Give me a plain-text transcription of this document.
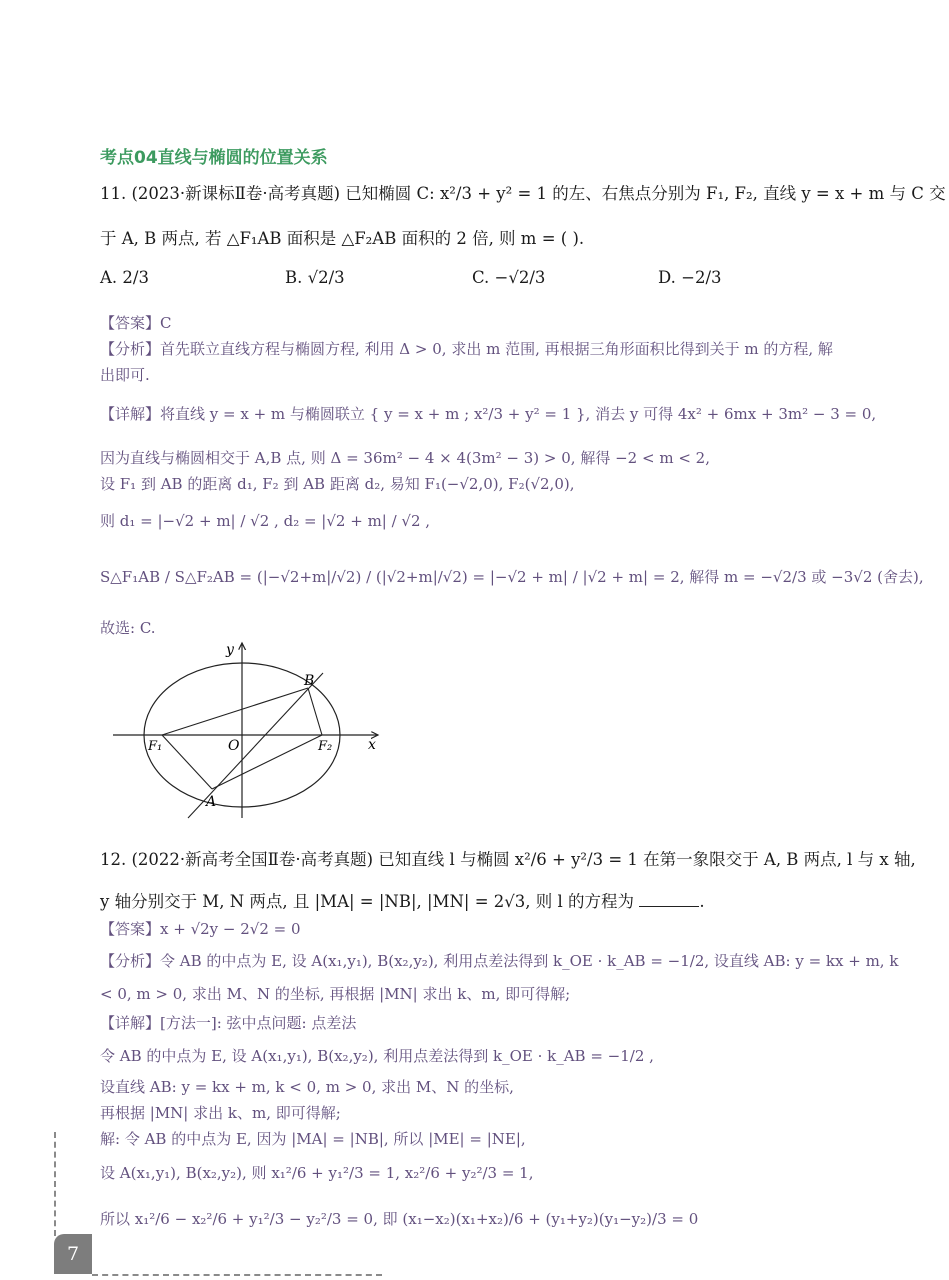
考点04直线与椭圆的位置关系
11. (2023·新课标Ⅱ卷·高考真题) 已知椭圆 C: x²/3 + y² = 1 的左、右焦点分别为 F₁, F₂, 直线 y = x + m 与 C 交
于 A, B 两点, 若 △F₁AB 面积是 △F₂AB 面积的 2 倍, 则 m = ( ).
A. 2/3	B. √2/3	C. −√2/3	D. −2/3
【答案】C
【分析】首先联立直线方程与椭圆方程, 利用 Δ > 0, 求出 m 范围, 再根据三角形面积比得到关于 m 的方程, 解
出即可.
【详解】将直线 y = x + m 与椭圆联立 { y = x + m ; x²/3 + y² = 1 }, 消去 y 可得 4x² + 6mx + 3m² − 3 = 0,
因为直线与椭圆相交于 A,B 点, 则 Δ = 36m² − 4 × 4(3m² − 3) > 0, 解得 −2 < m < 2,
设 F₁ 到 AB 的距离 d₁, F₂ 到 AB 距离 d₂, 易知 F₁(−√2,0), F₂(√2,0),
则 d₁ = |−√2 + m| / √2 , d₂ = |√2 + m| / √2 ,
S△F₁AB / S△F₂AB = (|−√2+m|/√2) / (|√2+m|/√2) = |−√2 + m| / |√2 + m| = 2, 解得 m = −√2/3 或 −3√2 (舍去),
故选: C.
y
B
F₁	O	F₂	x
A
12. (2022·新高考全国Ⅱ卷·高考真题) 已知直线 l 与椭圆 x²/6 + y²/3 = 1 在第一象限交于 A, B 两点, l 与 x 轴,
y 轴分别交于 M, N 两点, 且 |MA| = |NB|, |MN| = 2√3, 则 l 的方程为	.
【答案】x + √2y − 2√2 = 0
【分析】令 AB 的中点为 E, 设 A(x₁,y₁), B(x₂,y₂), 利用点差法得到 k_OE · k_AB = −1/2, 设直线 AB: y = kx + m, k
< 0, m > 0, 求出 M、N 的坐标, 再根据 |MN| 求出 k、m, 即可得解;
【详解】[方法一]: 弦中点问题: 点差法
令 AB 的中点为 E, 设 A(x₁,y₁), B(x₂,y₂), 利用点差法得到 k_OE · k_AB = −1/2 ,
设直线 AB: y = kx + m, k < 0, m > 0, 求出 M、N 的坐标,
再根据 |MN| 求出 k、m, 即可得解;
解: 令 AB 的中点为 E, 因为 |MA| = |NB|, 所以 |ME| = |NE|,
设 A(x₁,y₁), B(x₂,y₂), 则 x₁²/6 + y₁²/3 = 1, x₂²/6 + y₂²/3 = 1,
所以 x₁²/6 − x₂²/6 + y₁²/3 − y₂²/3 = 0, 即 (x₁−x₂)(x₁+x₂)/6 + (y₁+y₂)(y₁−y₂)/3 = 0
7
